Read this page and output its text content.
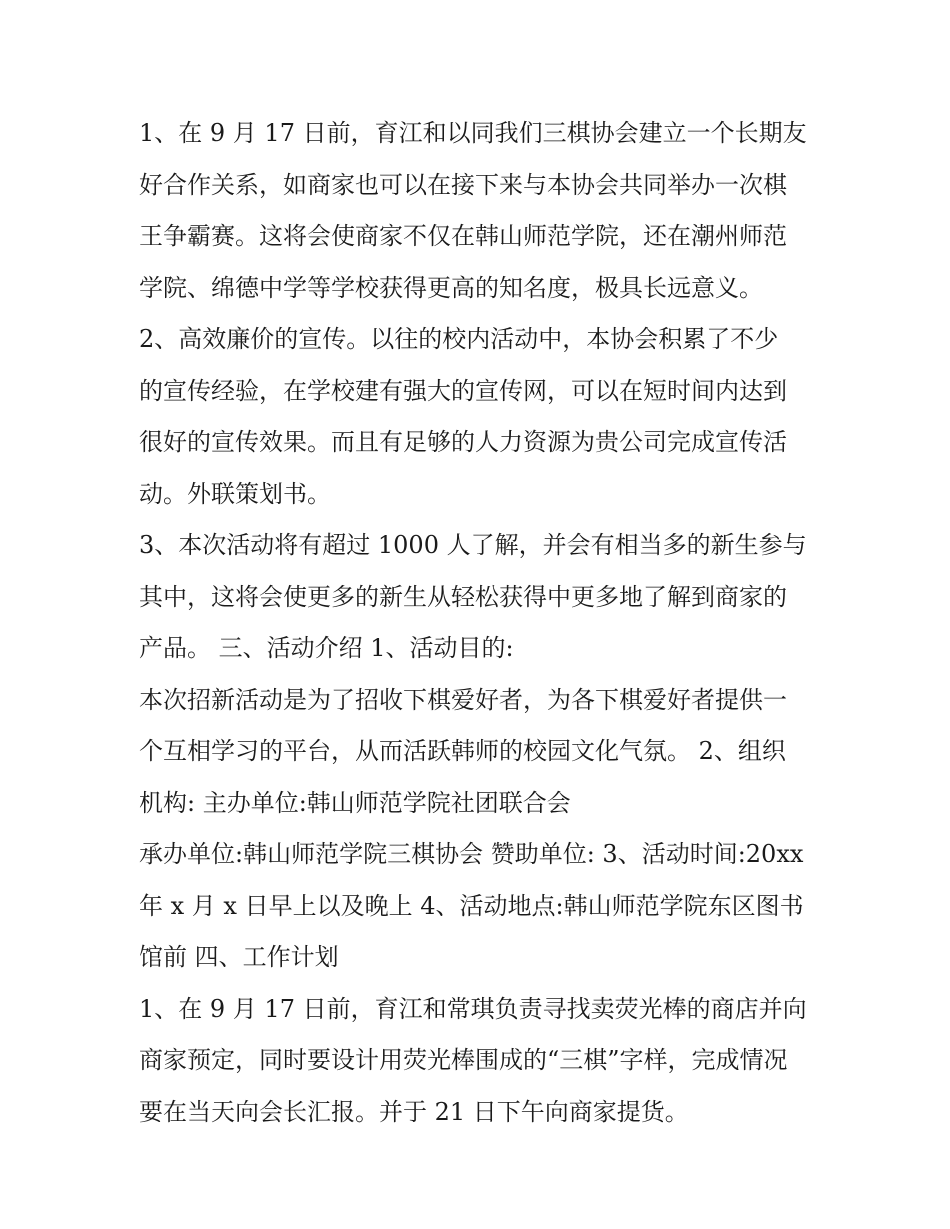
1、在 9 月 17 日前，育江和以同我们三棋协会建立一个长期友
好合作关系，如商家也可以在接下来与本协会共同举办一次棋
王争霸赛。这将会使商家不仅在韩山师范学院，还在潮州师范
学院、绵德中学等学校获得更高的知名度，极具长远意义。
2、高效廉价的宣传。以往的校内活动中，本协会积累了不少
的宣传经验，在学校建有强大的宣传网，可以在短时间内达到
很好的宣传效果。而且有足够的人力资源为贵公司完成宣传活
动。外联策划书。
3、本次活动将有超过 1000 人了解，并会有相当多的新生参与
其中，这将会使更多的新生从轻松获得中更多地了解到商家的
产品。 三、活动介绍 1、活动目的:
本次招新活动是为了招收下棋爱好者，为各下棋爱好者提供一
个互相学习的平台，从而活跃韩师的校园文化气氛。 2、组织
机构: 主办单位:韩山师范学院社团联合会
承办单位:韩山师范学院三棋协会 赞助单位: 3、活动时间:20xx
年 x 月 x 日早上以及晚上 4、活动地点:韩山师范学院东区图书
馆前 四、工作计划
1、在 9 月 17 日前，育江和常琪负责寻找卖荧光棒的商店并向
商家预定，同时要设计用荧光棒围成的“三棋”字样，完成情况
要在当天向会长汇报。并于 21 日下午向商家提货。
